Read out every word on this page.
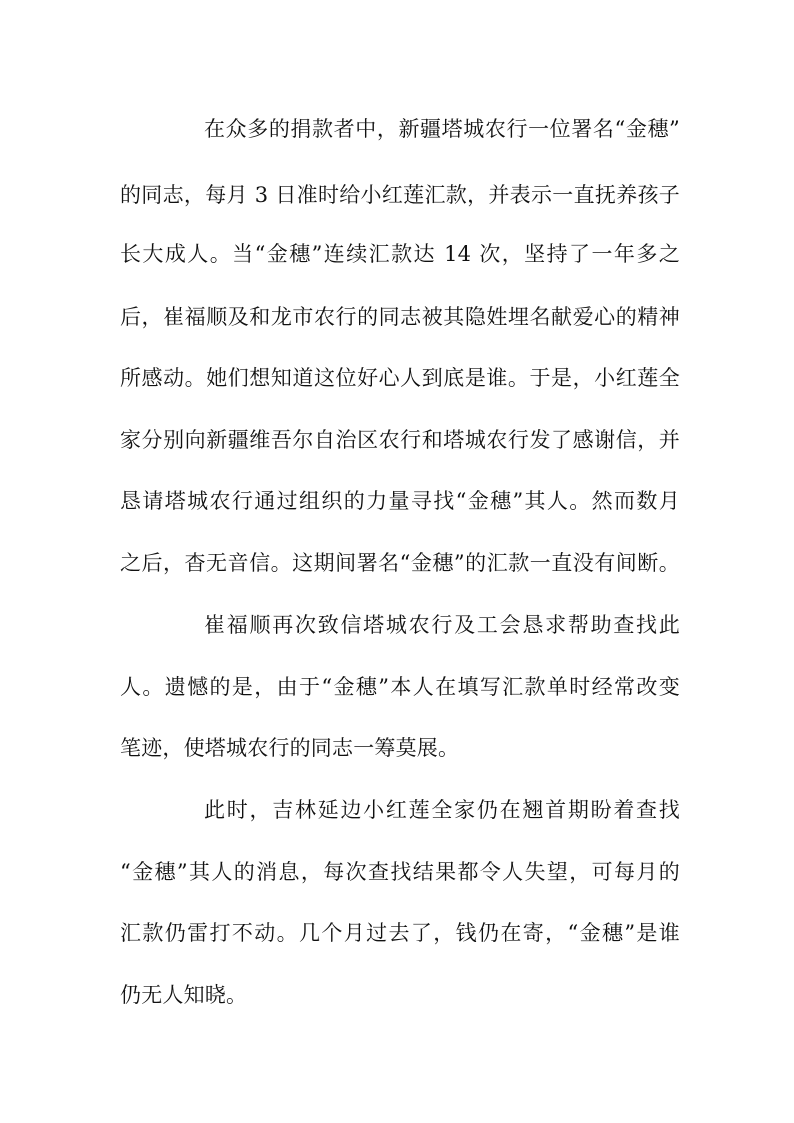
在众多的捐款者中，新疆塔城农行一位署名“金穗”
的同志，每月 3 日准时给小红莲汇款，并表示一直抚养孩子
长大成人。当“金穗”连续汇款达 14 次，坚持了一年多之
后，崔福顺及和龙市农行的同志被其隐姓埋名献爱心的精神
所感动。她们想知道这位好心人到底是谁。于是，小红莲全
家分别向新疆维吾尔自治区农行和塔城农行发了感谢信，并
恳请塔城农行通过组织的力量寻找“金穗”其人。然而数月
之后，杳无音信。这期间署名“金穗”的汇款一直没有间断。
崔福顺再次致信塔城农行及工会恳求帮助查找此
人。遗憾的是，由于“金穗”本人在填写汇款单时经常改变
笔迹，使塔城农行的同志一筹莫展。
此时，吉林延边小红莲全家仍在翘首期盼着查找
“金穗”其人的消息，每次查找结果都令人失望，可每月的
汇款仍雷打不动。几个月过去了，钱仍在寄，“金穗”是谁
仍无人知晓。
